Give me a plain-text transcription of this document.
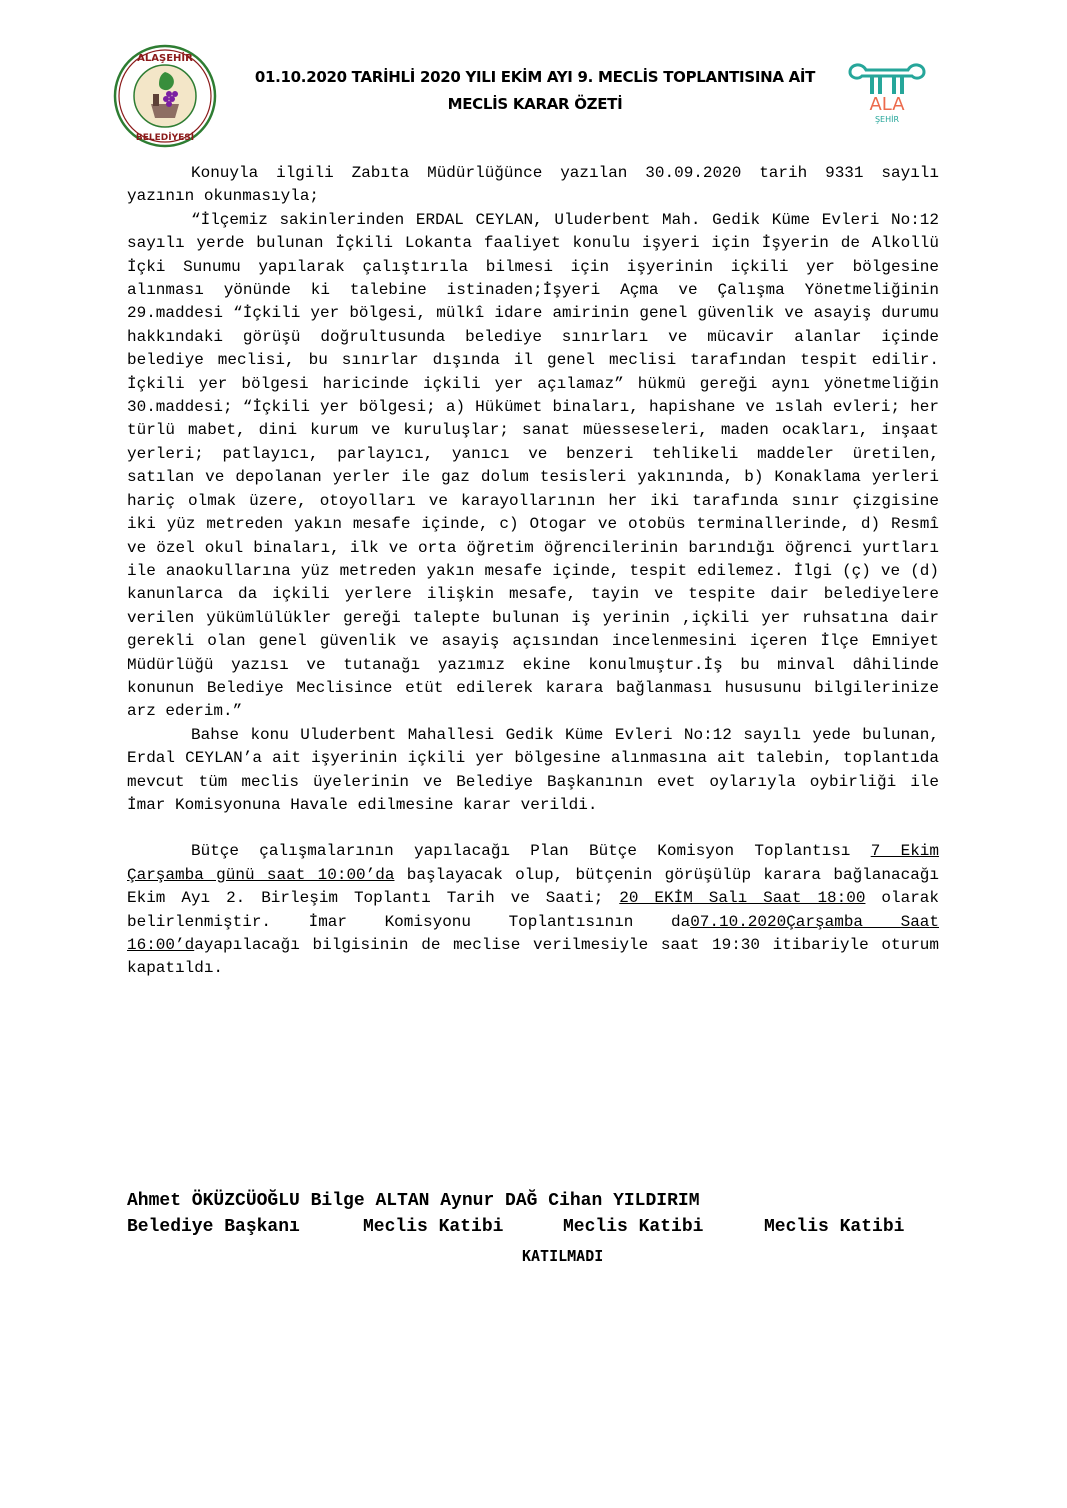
ALAŞEHİR
BELEDİYESİ
01.10.2020 TARİHLİ 2020 YILI EKİM AYI 9. MECLİS TOPLANTISINA AİT
MECLİS KARAR ÖZETİ	ALA
ŞEHİR

Konuyla ilgili Zabıta Müdürlüğünce yazılan 30.09.2020 tarih 9331 sayılı yazının okunmasıyla;

“İlçemiz sakinlerinden ERDAL CEYLAN, Uluderbent Mah. Gedik Küme Evleri No:12 sayılı yerde bulunan İçkili Lokanta faaliyet konulu işyeri için İşyerin de Alkollü İçki Sunumu yapılarak çalıştırıla bilmesi için işyerinin içkili yer bölgesine alınması yönünde ki talebine istinaden;İşyeri Açma ve Çalışma Yönetmeliğinin 29.maddesi “İçkili yer bölgesi, mülkî idare amirinin genel güvenlik ve asayiş durumu hakkındaki görüşü doğrultusunda belediye sınırları ve mücavir alanlar içinde belediye meclisi, bu sınırlar dışında il genel meclisi tarafından tespit edilir. İçkili yer bölgesi haricinde içkili yer açılamaz” hükmü gereği aynı yönetmeliğin 30.maddesi; “İçkili yer bölgesi; a) Hükümet binaları, hapishane ve ıslah evleri; her türlü mabet, dini kurum ve kuruluşlar; sanat müesseseleri, maden ocakları, inşaat yerleri; patlayıcı, parlayıcı, yanıcı ve benzeri tehlikeli maddeler üretilen, satılan ve depolanan yerler ile gaz dolum tesisleri yakınında, b) Konaklama yerleri hariç olmak üzere, otoyolları ve karayollarının her iki tarafında sınır çizgisine iki yüz metreden yakın mesafe içinde, c) Otogar ve otobüs terminallerinde, d) Resmî ve özel okul binaları, ilk ve orta öğretim öğrencilerinin barındığı öğrenci yurtları ile anaokullarına yüz metreden yakın mesafe içinde, tespit edilemez. İlgi (ç) ve (d) kanunlarca da içkili yerlere ilişkin mesafe, tayin ve tespite dair belediyelere verilen yükümlülükler gereği talepte bulunan iş yerinin ,içkili yer ruhsatına dair gerekli olan genel güvenlik ve asayiş açısından incelenmesini içeren İlçe Emniyet Müdürlüğü yazısı ve tutanağı yazımız ekine konulmuştur.İş bu minval dâhilinde konunun Belediye Meclisince etüt edilerek karara bağlanması hususunu bilgilerinize arz ederim.”

Bahse konu Uluderbent Mahallesi Gedik Küme Evleri No:12 sayılı yede bulunan, Erdal CEYLAN’a ait işyerinin içkili yer bölgesine alınmasına ait talebin, toplantıda mevcut tüm meclis üyelerinin ve Belediye Başkanının evet oylarıyla oybirliği ile İmar Komisyonuna Havale edilmesine karar verildi.

Bütçe çalışmalarının yapılacağı Plan Bütçe Komisyon Toplantısı 7 Ekim Çarşamba günü saat 10:00’da başlayacak olup, bütçenin görüşülüp karara bağlanacağı Ekim Ayı 2. Birleşim Toplantı Tarih ve Saati; 20 EKİM Salı Saat 18:00 olarak belirlenmiştir. İmar Komisyonu Toplantısının da07.10.2020Çarşamba Saat 16:00’dayapılacağı bilgisinin de meclise verilmesiyle saat 19:30 itibariyle oturum kapatıldı.

Ahmet ÖKÜZCÜOĞLU Bilge ALTAN Aynur DAĞ Cihan YILDIRIM
Belediye Başkanı	Meclis Katibi	Meclis Katibi	Meclis Katibi
KATILMADI
